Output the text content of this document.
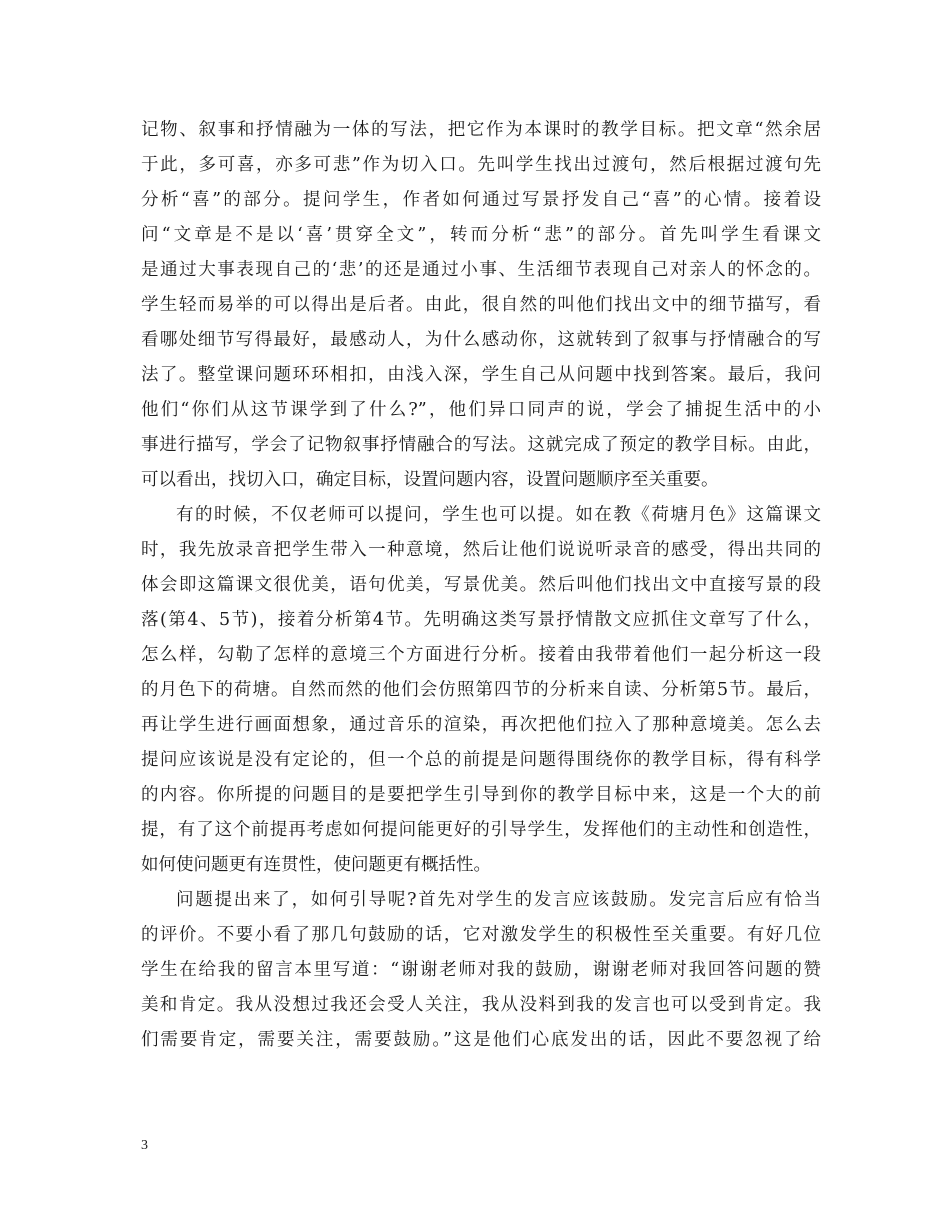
记物、叙事和抒情融为一体的写法，把它作为本课时的教学目标。把文章“然余居
于此，多可喜，亦多可悲”作为切入口。先叫学生找出过渡句，然后根据过渡句先
分析“喜”的部分。提问学生，作者如何通过写景抒发自己“喜”的心情。接着设
问“文章是不是以‘喜’贯穿全文”，转而分析“悲”的部分。首先叫学生看课文
是通过大事表现自己的‘悲’的还是通过小事、生活细节表现自己对亲人的怀念的。
学生轻而易举的可以得出是后者。由此，很自然的叫他们找出文中的细节描写，看
看哪处细节写得最好，最感动人，为什么感动你，这就转到了叙事与抒情融合的写
法了。整堂课问题环环相扣，由浅入深，学生自己从问题中找到答案。最后，我问
他们“你们从这节课学到了什么?”，他们异口同声的说，学会了捕捉生活中的小
事进行描写，学会了记物叙事抒情融合的写法。这就完成了预定的教学目标。由此，
可以看出，找切入口，确定目标，设置问题内容，设置问题顺序至关重要。
有的时候，不仅老师可以提问，学生也可以提。如在教《荷塘月色》这篇课文
时，我先放录音把学生带入一种意境，然后让他们说说听录音的感受，得出共同的
体会即这篇课文很优美，语句优美，写景优美。然后叫他们找出文中直接写景的段
落(第4、5节)，接着分析第4节。先明确这类写景抒情散文应抓住文章写了什么，
怎么样，勾勒了怎样的意境三个方面进行分析。接着由我带着他们一起分析这一段
的月色下的荷塘。自然而然的他们会仿照第四节的分析来自读、分析第5节。最后，
再让学生进行画面想象，通过音乐的渲染，再次把他们拉入了那种意境美。怎么去
提问应该说是没有定论的，但一个总的前提是问题得围绕你的教学目标，得有科学
的内容。你所提的问题目的是要把学生引导到你的教学目标中来，这是一个大的前
提，有了这个前提再考虑如何提问能更好的引导学生，发挥他们的主动性和创造性，
如何使问题更有连贯性，使问题更有概括性。
问题提出来了，如何引导呢?首先对学生的发言应该鼓励。发完言后应有恰当
的评价。不要小看了那几句鼓励的话，它对激发学生的积极性至关重要。有好几位
学生在给我的留言本里写道：“谢谢老师对我的鼓励，谢谢老师对我回答问题的赞
美和肯定。我从没想过我还会受人关注，我从没料到我的发言也可以受到肯定。我
们需要肯定，需要关注，需要鼓励。”这是他们心底发出的话，因此不要忽视了给
3
